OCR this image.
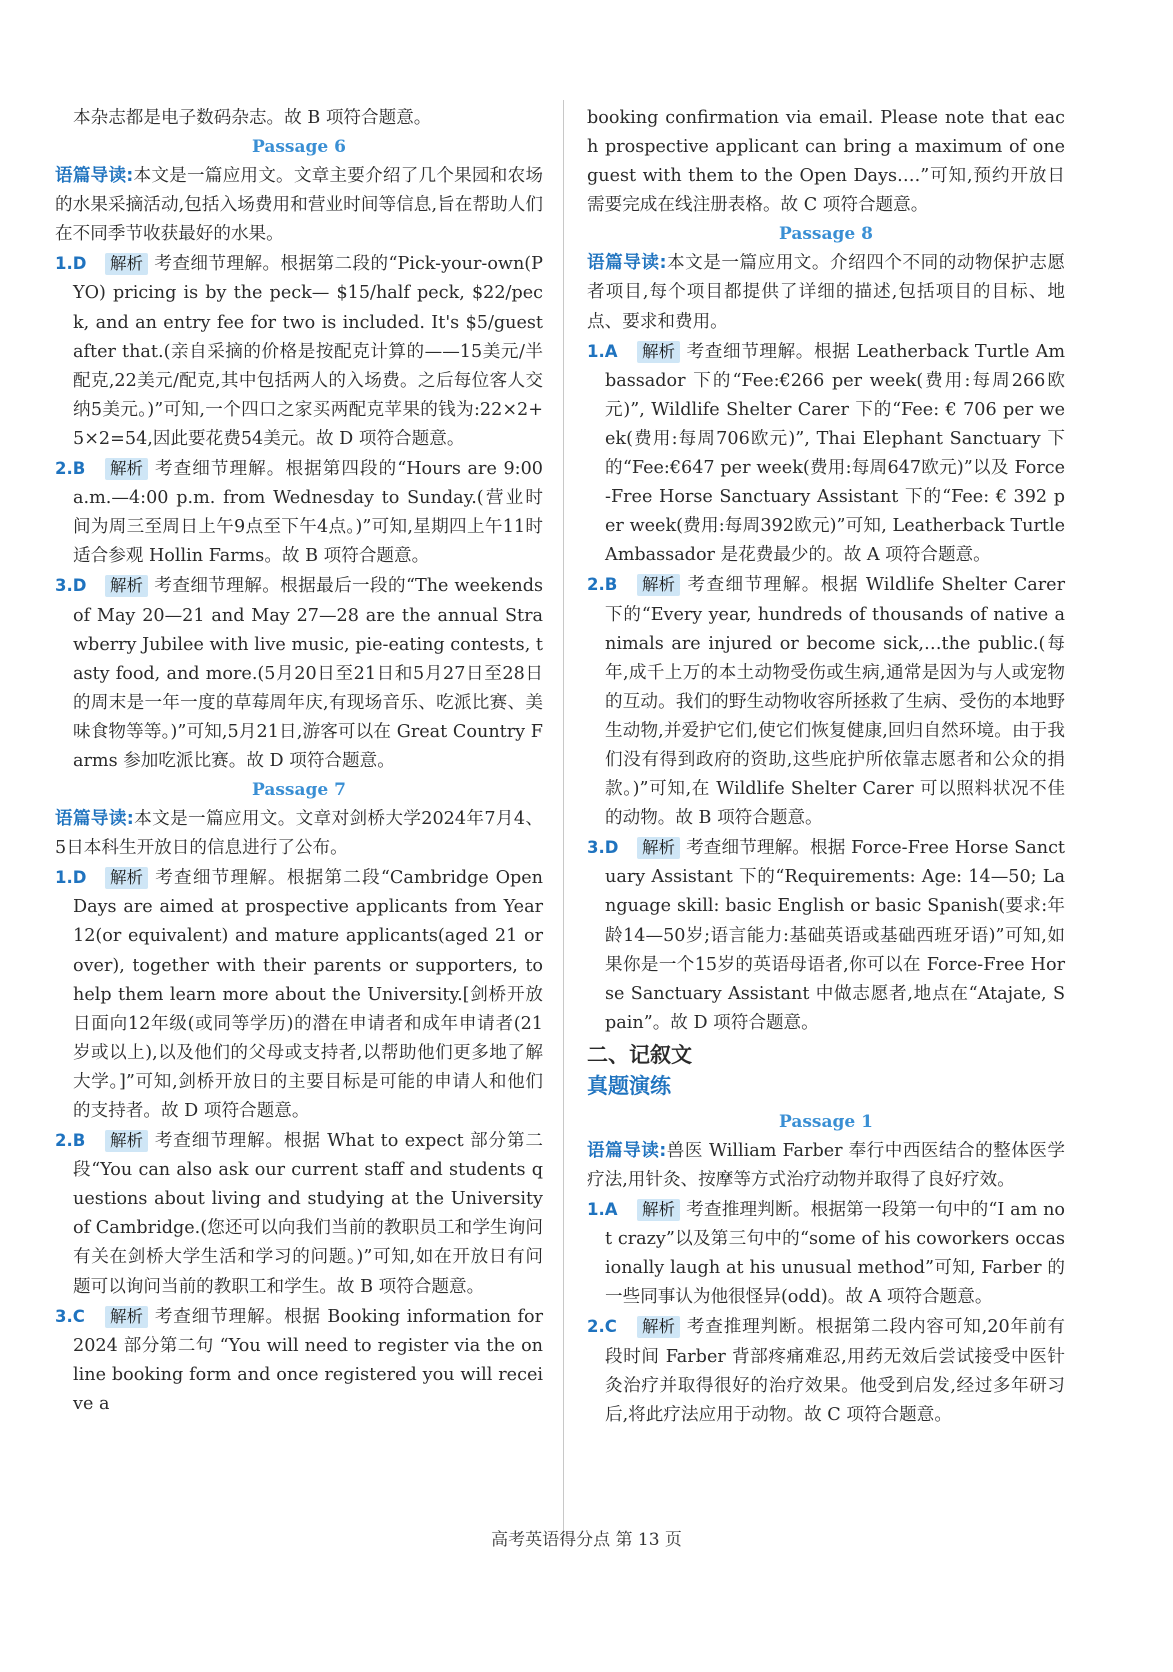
本杂志都是电子数码杂志。故 B 项符合题意。

Passage 6

语篇导读:本文是一篇应用文。文章主要介绍了几个果园和农场的水果采摘活动,包括入场费用和营业时间等信息,旨在帮助人们在不同季节收获最好的水果。

1.D 解析 考查细节理解。根据第二段的“Pick-your-own(PYO) pricing is by the peck— $15/half peck, $22/peck, and an entry fee for two is included. It's $5/guest after that.(亲自采摘的价格是按配克计算的——15美元/半配克,22美元/配克,其中包括两人的入场费。之后每位客人交纳5美元。)”可知,一个四口之家买两配克苹果的钱为:22×2+5×2=54,因此要花费54美元。故 D 项符合题意。

2.B 解析 考查细节理解。根据第四段的“Hours are 9:00 a.m.—4:00 p.m. from Wednesday to Sunday.(营业时间为周三至周日上午9点至下午4点。)”可知,星期四上午11时适合参观 Hollin Farms。故 B 项符合题意。

3.D 解析 考查细节理解。根据最后一段的“The weekends of May 20—21 and May 27—28 are the annual Strawberry Jubilee with live music, pie-eating contests, tasty food, and more.(5月20日至21日和5月27日至28日的周末是一年一度的草莓周年庆,有现场音乐、吃派比赛、美味食物等等。)”可知,5月21日,游客可以在 Great Country Farms 参加吃派比赛。故 D 项符合题意。

Passage 7

语篇导读:本文是一篇应用文。文章对剑桥大学2024年7月4、5日本科生开放日的信息进行了公布。

1.D 解析 考查细节理解。根据第二段“Cambridge Open Days are aimed at prospective applicants from Year 12(or equivalent) and mature applicants(aged 21 or over), together with their parents or supporters, to help them learn more about the University.[剑桥开放日面向12年级(或同等学历)的潜在申请者和成年申请者(21岁或以上),以及他们的父母或支持者,以帮助他们更多地了解大学。]”可知,剑桥开放日的主要目标是可能的申请人和他们的支持者。故 D 项符合题意。

2.B 解析 考查细节理解。根据 What to expect 部分第二段“You can also ask our current staff and students questions about living and studying at the University of Cambridge.(您还可以向我们当前的教职员工和学生询问有关在剑桥大学生活和学习的问题。)”可知,如在开放日有问题可以询问当前的教职工和学生。故 B 项符合题意。

3.C 解析 考查细节理解。根据 Booking information for 2024 部分第二句 “You will need to register via the online booking form and once registered you will receive a

booking confirmation via email. Please note that each prospective applicant can bring a maximum of one guest with them to the Open Days….”可知,预约开放日需要完成在线注册表格。故 C 项符合题意。

Passage 8

语篇导读:本文是一篇应用文。介绍四个不同的动物保护志愿者项目,每个项目都提供了详细的描述,包括项目的目标、地点、要求和费用。

1.A 解析 考查细节理解。根据 Leatherback Turtle Ambassador 下的“Fee:€266 per week(费用:每周266欧元)”, Wildlife Shelter Carer 下的“Fee: € 706 per week(费用:每周706欧元)”, Thai Elephant Sanctuary 下的“Fee:€647 per week(费用:每周647欧元)”以及 Force-Free Horse Sanctuary Assistant 下的“Fee: € 392 per week(费用:每周392欧元)”可知, Leatherback Turtle Ambassador 是花费最少的。故 A 项符合题意。

2.B 解析 考查细节理解。根据 Wildlife Shelter Carer 下的“Every year, hundreds of thousands of native animals are injured or become sick,…the public.(每年,成千上万的本土动物受伤或生病,通常是因为与人或宠物的互动。我们的野生动物收容所拯救了生病、受伤的本地野生动物,并爱护它们,使它们恢复健康,回归自然环境。由于我们没有得到政府的资助,这些庇护所依靠志愿者和公众的捐款。)”可知,在 Wildlife Shelter Carer 可以照料状况不佳的动物。故 B 项符合题意。

3.D 解析 考查细节理解。根据 Force-Free Horse Sanctuary Assistant 下的“Requirements: Age: 14—50; Language skill: basic English or basic Spanish(要求:年龄14—50岁;语言能力:基础英语或基础西班牙语)”可知,如果你是一个15岁的英语母语者,你可以在 Force-Free Horse Sanctuary Assistant 中做志愿者,地点在“Atajate, Spain”。故 D 项符合题意。

二、记叙文

真题演练

Passage 1

语篇导读:兽医 William Farber 奉行中西医结合的整体医学疗法,用针灸、按摩等方式治疗动物并取得了良好疗效。

1.A 解析 考查推理判断。根据第一段第一句中的“I am not crazy”以及第三句中的“some of his coworkers occasionally laugh at his unusual method”可知, Farber 的一些同事认为他很怪异(odd)。故 A 项符合题意。

2.C 解析 考查推理判断。根据第二段内容可知,20年前有段时间 Farber 背部疼痛难忍,用药无效后尝试接受中医针灸治疗并取得很好的治疗效果。他受到启发,经过多年研习后,将此疗法应用于动物。故 C 项符合题意。

高考英语得分点 第 13 页
